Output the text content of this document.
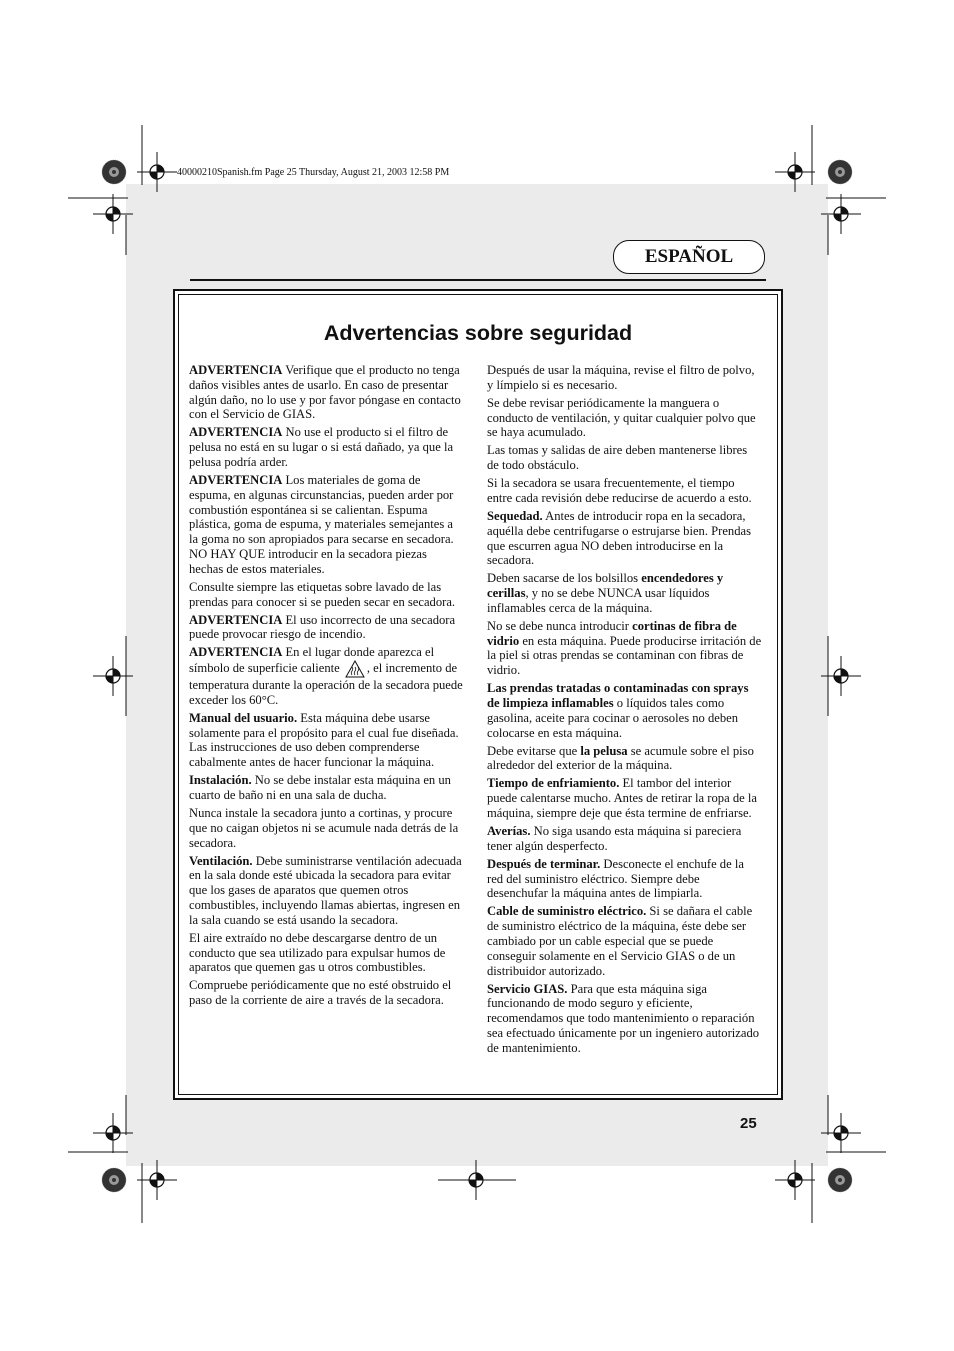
40000210Spanish.fm Page 25 Thursday, August 21, 2003 12:58 PM
ESPAÑOL
Advertencias sobre seguridad

ADVERTENCIA Verifique que el producto no tenga daños visibles antes de usarlo. En caso de presentar algún daño, no lo use y por favor póngase en contacto con el Servicio de GIAS.

ADVERTENCIA No use el producto si el filtro de pelusa no está en su lugar o si está dañado, ya que la pelusa podría arder.

ADVERTENCIA Los materiales de goma de espuma, en algunas circunstancias, pueden arder por combustión espontánea si se calientan. Espuma plástica, goma de espuma, y materiales semejantes a la goma no son apropiados para secarse en secadora. NO HAY QUE introducir en la secadora piezas hechas de estos materiales.

Consulte siempre las etiquetas sobre lavado de las prendas para conocer si se pueden secar en secadora.

ADVERTENCIA El uso incorrecto de una secadora puede provocar riesgo de incendio.

ADVERTENCIA En el lugar donde aparezca el símbolo de superficie caliente , el incremento de temperatura durante la operación de la secadora puede exceder los 60°C.

Manual del usuario. Esta máquina debe usarse solamente para el propósito para el cual fue diseñada. Las instrucciones de uso deben comprenderse cabalmente antes de hacer funcionar la máquina.

Instalación. No se debe instalar esta máquina en un cuarto de baño ni en una sala de ducha.

Nunca instale la secadora junto a cortinas, y procure que no caigan objetos ni se acumule nada detrás de la secadora.

Ventilación. Debe suministrarse ventilación adecuada en la sala donde esté ubicada la secadora para evitar que los gases de aparatos que quemen otros combustibles, incluyendo llamas abiertas, ingresen en la sala cuando se está usando la secadora.

El aire extraído no debe descargarse dentro de un conducto que sea utilizado para expulsar humos de aparatos que quemen gas u otros combustibles.

Compruebe periódicamente que no esté obstruido el paso de la corriente de aire a través de la secadora.

Después de usar la máquina, revise el filtro de polvo, y límpielo si es necesario.

Se debe revisar periódicamente la manguera o conducto de ventilación, y quitar cualquier polvo que se haya acumulado.

Las tomas y salidas de aire deben mantenerse libres de todo obstáculo.

Si la secadora se usara frecuentemente, el tiempo entre cada revisión debe reducirse de acuerdo a esto.

Sequedad. Antes de introducir ropa en la secadora, aquélla debe centrifugarse o estrujarse bien. Prendas que escurren agua NO deben introducirse en la secadora.

Deben sacarse de los bolsillos encendedores y cerillas, y no se debe NUNCA usar líquidos inflamables cerca de la máquina.

No se debe nunca introducir cortinas de fibra de vidrio en esta máquina. Puede producirse irritación de la piel si otras prendas se contaminan con fibras de vidrio.

Las prendas tratadas o contaminadas con sprays de limpieza inflamables o líquidos tales como gasolina, aceite para cocinar o aerosoles no deben colocarse en esta máquina.

Debe evitarse que la pelusa se acumule sobre el piso alrededor del exterior de la máquina.

Tiempo de enfriamiento. El tambor del interior puede calentarse mucho. Antes de retirar la ropa de la máquina, siempre deje que ésta termine de enfriarse.

Averías. No siga usando esta máquina si pareciera tener algún desperfecto.

Después de terminar. Desconecte el enchufe de la red del suministro eléctrico. Siempre debe desenchufar la máquina antes de limpiarla.

Cable de suministro eléctrico. Si se dañara el cable de suministro eléctrico de la máquina, éste debe ser cambiado por un cable especial que se puede conseguir solamente en el Servicio GIAS o de un distribuidor autorizado.

Servicio GIAS. Para que esta máquina siga funcionando de modo seguro y eficiente, recomendamos que todo mantenimiento o reparación sea efectuado únicamente por un ingeniero autorizado de mantenimiento.

25
